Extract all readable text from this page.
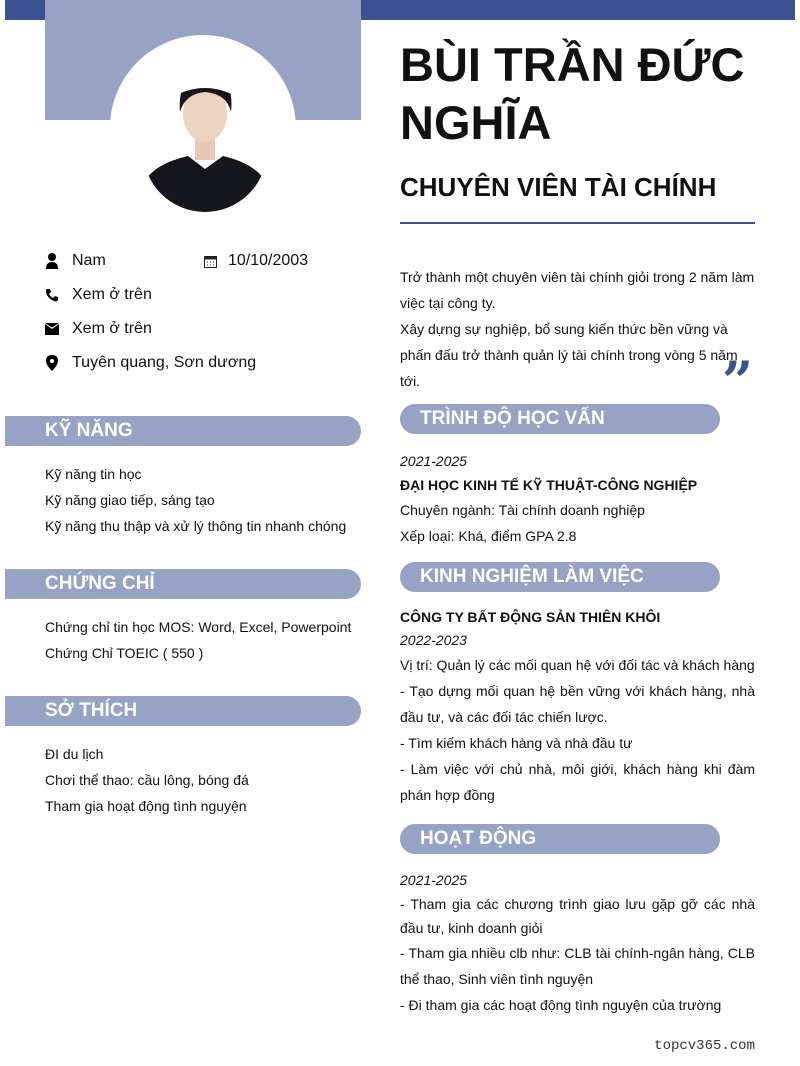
Nam	10/10/2003
Xem ở trên
Xem ở trên
Tuyên quang, Sơn dương
KỸ NĂNG
Kỹ năng tin học
Kỹ năng giao tiếp, sáng tạo
Kỹ năng thu thập và xử lý thông tin nhanh chóng
CHỨNG CHỈ
Chứng chỉ tin học MOS: Word, Excel, Powerpoint
Chứng Chỉ TOEIC ( 550 )
SỞ THÍCH
ĐI du lịch
Chơi thể thao: cầu lông, bóng đá
Tham gia hoạt động tình nguyện
BÙI TRẦN ĐỨC NGHĨA
CHUYÊN VIÊN TÀI CHÍNH
Trở thành một chuyên viên tài chính giỏi trong 2 năm làm việc tại công ty.
Xây dựng sự nghiệp, bổ sung kiến thức bền vững và phấn đấu trở thành quản lý tài chính trong vòng 5 năm tới.	”
TRÌNH ĐỘ HỌC VẤN
2021-2025
ĐẠI HỌC KINH TẾ KỸ THUẬT-CÔNG NGHIỆP
Chuyên ngành: Tài chính doanh nghiệp
Xếp loại: Khá, điểm GPA 2.8
KINH NGHIỆM LÀM VIỆC
CÔNG TY BẤT ĐỘNG SẢN THIÊN KHÔI
2022-2023
Vị trí: Quản lý các mối quan hệ với đối tác và khách hàng
- Tạo dựng mối quan hệ bền vững với khách hàng, nhà đầu tư, và các đối tác chiến lược.
- Tìm kiếm khách hàng và nhà đầu tư
- Làm việc với chủ nhà, môi giới, khách hàng khi đàm phán hợp đồng
HOẠT ĐỘNG
2021-2025
- Tham gia các chương trình giao lưu gặp gỡ các nhà đầu tư, kinh doanh giỏi
- Tham gia nhiều clb như: CLB tài chính-ngân hàng, CLB thể thao, Sinh viên tình nguyện
- Đi tham gia các hoạt động tình nguyện của trường
topcv365.com
